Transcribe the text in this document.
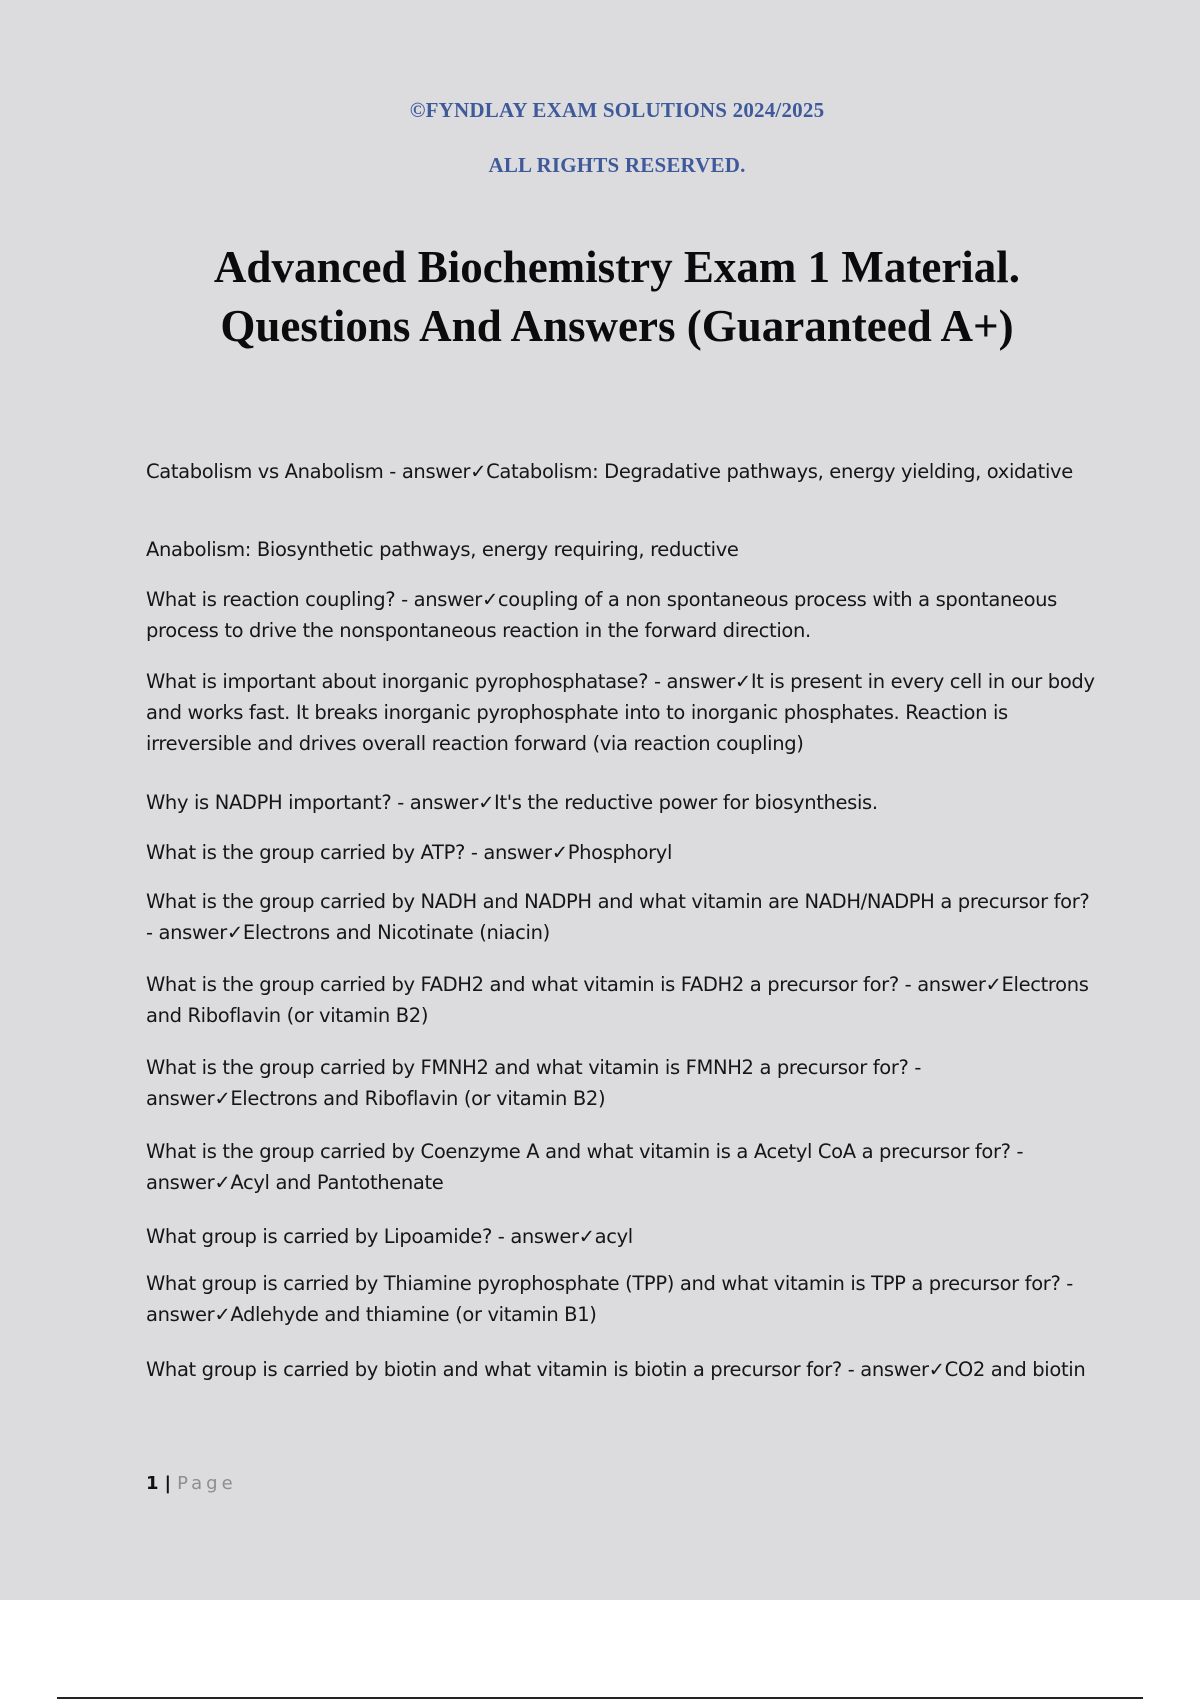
©FYNDLAY EXAM SOLUTIONS 2024/2025
ALL RIGHTS RESERVED.
Advanced Biochemistry Exam 1 Material.
Questions And Answers (Guaranteed A+)
Catabolism vs Anabolism - answer✓Catabolism: Degradative pathways, energy yielding, oxidative
Anabolism: Biosynthetic pathways, energy requiring, reductive
What is reaction coupling? - answer✓coupling of a non spontaneous process with a spontaneous process to drive the nonspontaneous reaction in the forward direction.
What is important about inorganic pyrophosphatase? - answer✓It is present in every cell in our body and works fast. It breaks inorganic pyrophosphate into to inorganic phosphates. Reaction is irreversible and drives overall reaction forward (via reaction coupling)
Why is NADPH important? - answer✓It's the reductive power for biosynthesis.
What is the group carried by ATP? - answer✓Phosphoryl
What is the group carried by NADH and NADPH and what vitamin are NADH/NADPH a precursor for? - answer✓Electrons and Nicotinate (niacin)
What is the group carried by FADH2 and what vitamin is FADH2 a precursor for? - answer✓Electrons and Riboflavin (or vitamin B2)
What is the group carried by FMNH2 and what vitamin is FMNH2 a precursor for? - answer✓Electrons and Riboflavin (or vitamin B2)
What is the group carried by Coenzyme A and what vitamin is a Acetyl CoA a precursor for? - answer✓Acyl and Pantothenate
What group is carried by Lipoamide? - answer✓acyl
What group is carried by Thiamine pyrophosphate (TPP) and what vitamin is TPP a precursor for? - answer✓Adlehyde and thiamine (or vitamin B1)
What group is carried by biotin and what vitamin is biotin a precursor for? - answer✓CO2 and biotin
1 | Page
